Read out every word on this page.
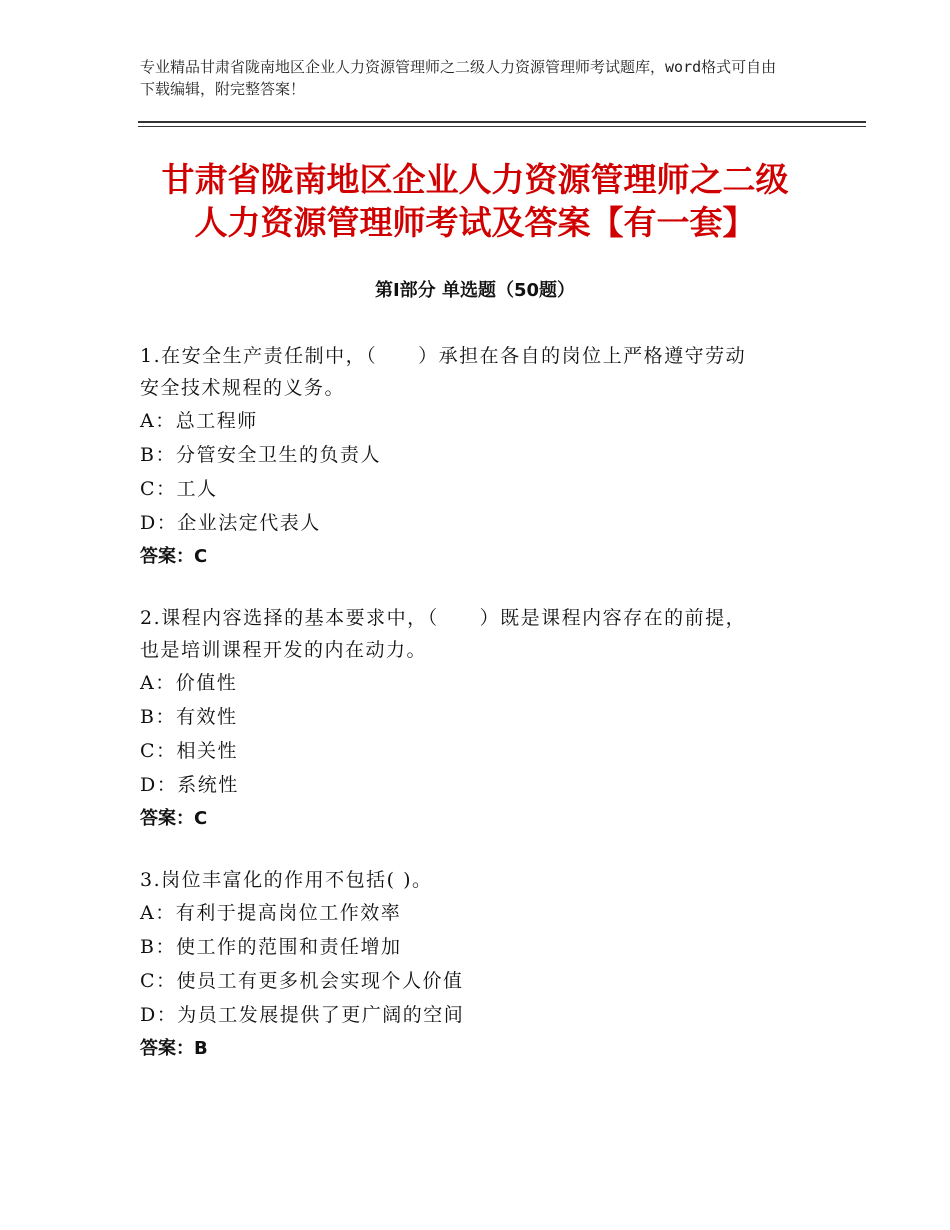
专业精品甘肃省陇南地区企业人力资源管理师之二级人力资源管理师考试题库，word格式可自由下载编辑，附完整答案！
甘肃省陇南地区企业人力资源管理师之二级
人力资源管理师考试及答案【有一套】
第Ⅰ部分 单选题（50题）

1.在安全生产责任制中，（　　）承担在各自的岗位上严格遵守劳动

安全技术规程的义务。

A：总工程师

B：分管安全卫生的负责人

C：工人

D：企业法定代表人

答案：C

2.课程内容选择的基本要求中，（　　）既是课程内容存在的前提，

也是培训课程开发的内在动力。

A：价值性

B：有效性

C：相关性

D：系统性

答案：C

3.岗位丰富化的作用不包括( )。

A：有利于提高岗位工作效率

B：使工作的范围和责任增加

C：使员工有更多机会实现个人价值

D：为员工发展提供了更广阔的空间

答案：B
